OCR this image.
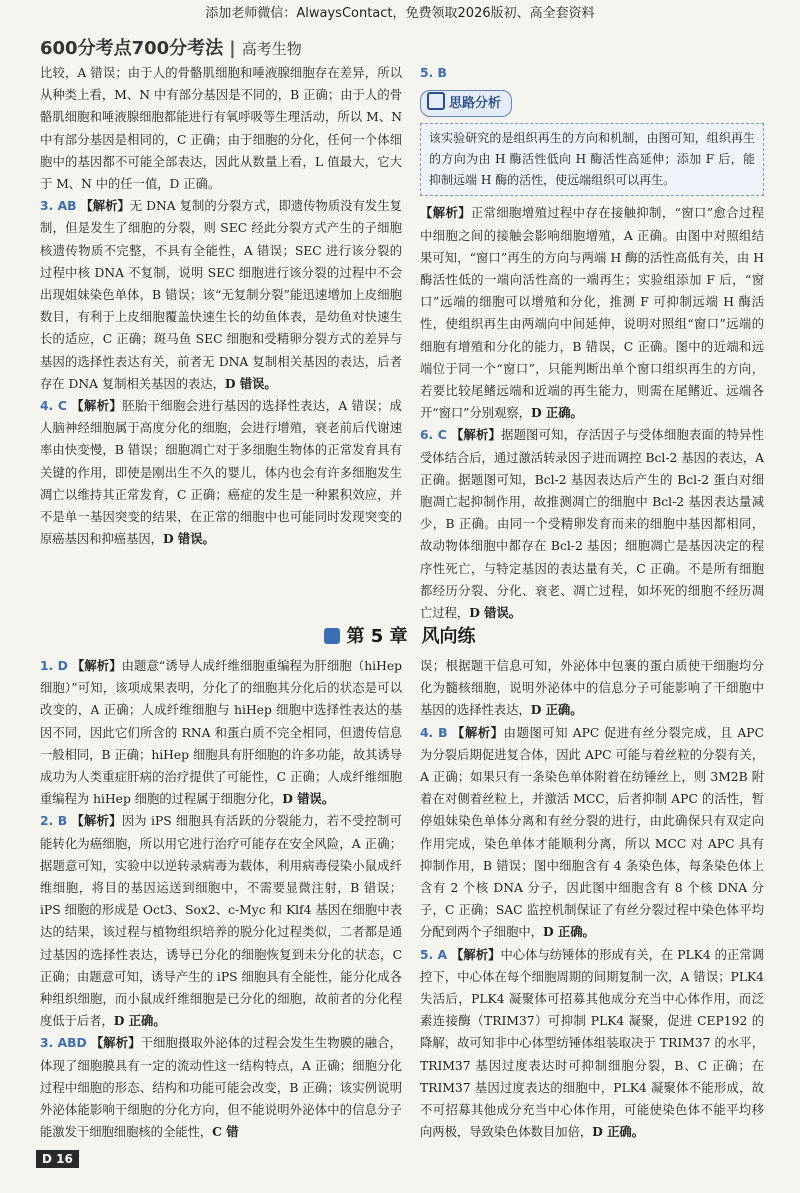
添加老师微信：AlwaysContact，免费领取2026版初、高全套资料
600分考点700分考法 | 高考生物

比较，A 错误；由于人的骨骼肌细胞和唾液腺细胞存在差异，所以从种类上看，M、N 中有部分基因是不同的，B 正确；由于人的骨骼肌细胞和唾液腺细胞都能进行有氧呼吸等生理活动，所以 M、N 中有部分基因是相同的，C 正确；由于细胞的分化，任何一个体细胞中的基因都不可能全部表达，因此从数量上看，L 值最大，它大于 M、N 中的任一值，D 正确。

3. AB 【解析】无 DNA 复制的分裂方式，即遗传物质没有发生复制，但是发生了细胞的分裂，则 SEC 经此分裂方式产生的子细胞核遗传物质不完整，不具有全能性，A 错误；SEC 进行该分裂的过程中核 DNA 不复制，说明 SEC 细胞进行该分裂的过程中不会出现姐妹染色单体，B 错误；该“无复制分裂”能迅速增加上皮细胞数目，有利于上皮细胞覆盖快速生长的幼鱼体表，是幼鱼对快速生长的适应，C 正确；斑马鱼 SEC 细胞和受精卵分裂方式的差异与基因的选择性表达有关，前者无 DNA 复制相关基因的表达，后者存在 DNA 复制相关基因的表达，D 错误。

4. C 【解析】胚胎干细胞会进行基因的选择性表达，A 错误；成人脑神经细胞属于高度分化的细胞，会进行增殖，衰老前后代谢速率由快变慢，B 错误；细胞凋亡对于多细胞生物体的正常发育具有关键的作用，即使是刚出生不久的婴儿，体内也会有许多细胞发生凋亡以维持其正常发育，C 正确；癌症的发生是一种累积效应，并不是单一基因突变的结果，在正常的细胞中也可能同时发现突变的原癌基因和抑癌基因，D 错误。

5. B

思路分析
该实验研究的是组织再生的方向和机制，由图可知，组织再生的方向为由 H 酶活性低向 H 酶活性高延伸；添加 F 后，能抑制远端 H 酶的活性，使远端组织可以再生。

【解析】正常细胞增殖过程中存在接触抑制，“窗口”愈合过程中细胞之间的接触会影响细胞增殖，A 正确。由图中对照组结果可知，“窗口”再生的方向与两端 H 酶的活性高低有关，由 H 酶活性低的一端向活性高的一端再生；实验组添加 F 后，“窗口”远端的细胞可以增殖和分化，推测 F 可抑制远端 H 酶活性，使组织再生由两端向中间延伸，说明对照组“窗口”远端的细胞有增殖和分化的能力，B 错误，C 正确。图中的近端和远端位于同一个“窗口”，只能判断出单个窗口组织再生的方向，若要比较尾鳍远端和近端的再生能力，则需在尾鳍近、远端各开“窗口”分别观察，D 正确。

6. C 【解析】据题图可知，存活因子与受体细胞表面的特异性受体结合后，通过激活转录因子进而调控 Bcl-2 基因的表达，A 正确。据题图可知，Bcl-2 基因表达后产生的 Bcl-2 蛋白对细胞凋亡起抑制作用，故推测凋亡的细胞中 Bcl-2 基因表达量减少，B 正确。由同一个受精卵发育而来的细胞中基因都相同，故动物体细胞中都存在 Bcl-2 基因；细胞凋亡是基因决定的程序性死亡，与特定基因的表达量有关，C 正确。不是所有细胞都经历分裂、分化、衰老、凋亡过程，如坏死的细胞不经历凋亡过程，D 错误。

第 5 章 风向练

1. D 【解析】由题意“诱导人成纤维细胞重编程为肝细胞（hiHep 细胞）”可知，该项成果表明，分化了的细胞其分化后的状态是可以改变的，A 正确；人成纤维细胞与 hiHep 细胞中选择性表达的基因不同，因此它们所含的 RNA 和蛋白质不完全相同，但遗传信息一般相同，B 正确；hiHep 细胞具有肝细胞的许多功能，故其诱导成功为人类重症肝病的治疗提供了可能性，C 正确；人成纤维细胞重编程为 hiHep 细胞的过程属于细胞分化，D 错误。

2. B 【解析】因为 iPS 细胞具有活跃的分裂能力，若不受控制可能转化为癌细胞，所以用它进行治疗可能存在安全风险，A 正确；据题意可知，实验中以逆转录病毒为载体，利用病毒侵染小鼠成纤维细胞，将目的基因运送到细胞中，不需要显微注射，B 错误；iPS 细胞的形成是 Oct3、Sox2、c-Myc 和 Klf4 基因在细胞中表达的结果，该过程与植物组织培养的脱分化过程类似，二者都是通过基因的选择性表达，诱导已分化的细胞恢复到未分化的状态，C 正确；由题意可知，诱导产生的 iPS 细胞具有全能性，能分化成各种组织细胞，而小鼠成纤维细胞是已分化的细胞，故前者的分化程度低于后者，D 正确。

3. ABD 【解析】干细胞摄取外泌体的过程会发生生物膜的融合，体现了细胞膜具有一定的流动性这一结构特点，A 正确；细胞分化过程中细胞的形态、结构和功能可能会改变，B 正确；该实例说明外泌体能影响干细胞的分化方向，但不能说明外泌体中的信息分子能激发干细胞细胞核的全能性，C 错

误；根据题干信息可知，外泌体中包裹的蛋白质使干细胞均分化为髓核细胞，说明外泌体中的信息分子可能影响了干细胞中基因的选择性表达，D 正确。

4. B 【解析】由题图可知 APC 促进有丝分裂完成，且 APC 为分裂后期促进复合体，因此 APC 可能与着丝粒的分裂有关，A 正确；如果只有一条染色单体附着在纺锤丝上，则 3M2B 附着在对侧着丝粒上，并激活 MCC，后者抑制 APC 的活性，暂停姐妹染色单体分离和有丝分裂的进行，由此确保只有双定向作用完成，染色单体才能顺利分离，所以 MCC 对 APC 具有抑制作用，B 错误；图中细胞含有 4 条染色体，每条染色体上含有 2 个核 DNA 分子，因此图中细胞含有 8 个核 DNA 分子，C 正确；SAC 监控机制保证了有丝分裂过程中染色体平均分配到两个子细胞中，D 正确。

5. A 【解析】中心体与纺锤体的形成有关，在 PLK4 的正常调控下，中心体在每个细胞周期的间期复制一次，A 错误；PLK4 失活后，PLK4 凝聚体可招募其他成分充当中心体作用，而泛素连接酶（TRIM37）可抑制 PLK4 凝聚，促进 CEP192 的降解，故可知非中心体型纺锤体组装取决于 TRIM37 的水平，TRIM37 基因过度表达时可抑制细胞分裂，B、C 正确；在 TRIM37 基因过度表达的细胞中，PLK4 凝聚体不能形成，故不可招募其他成分充当中心体作用，可能使染色体不能平均移向两极，导致染色体数目加倍，D 正确。

D 16
